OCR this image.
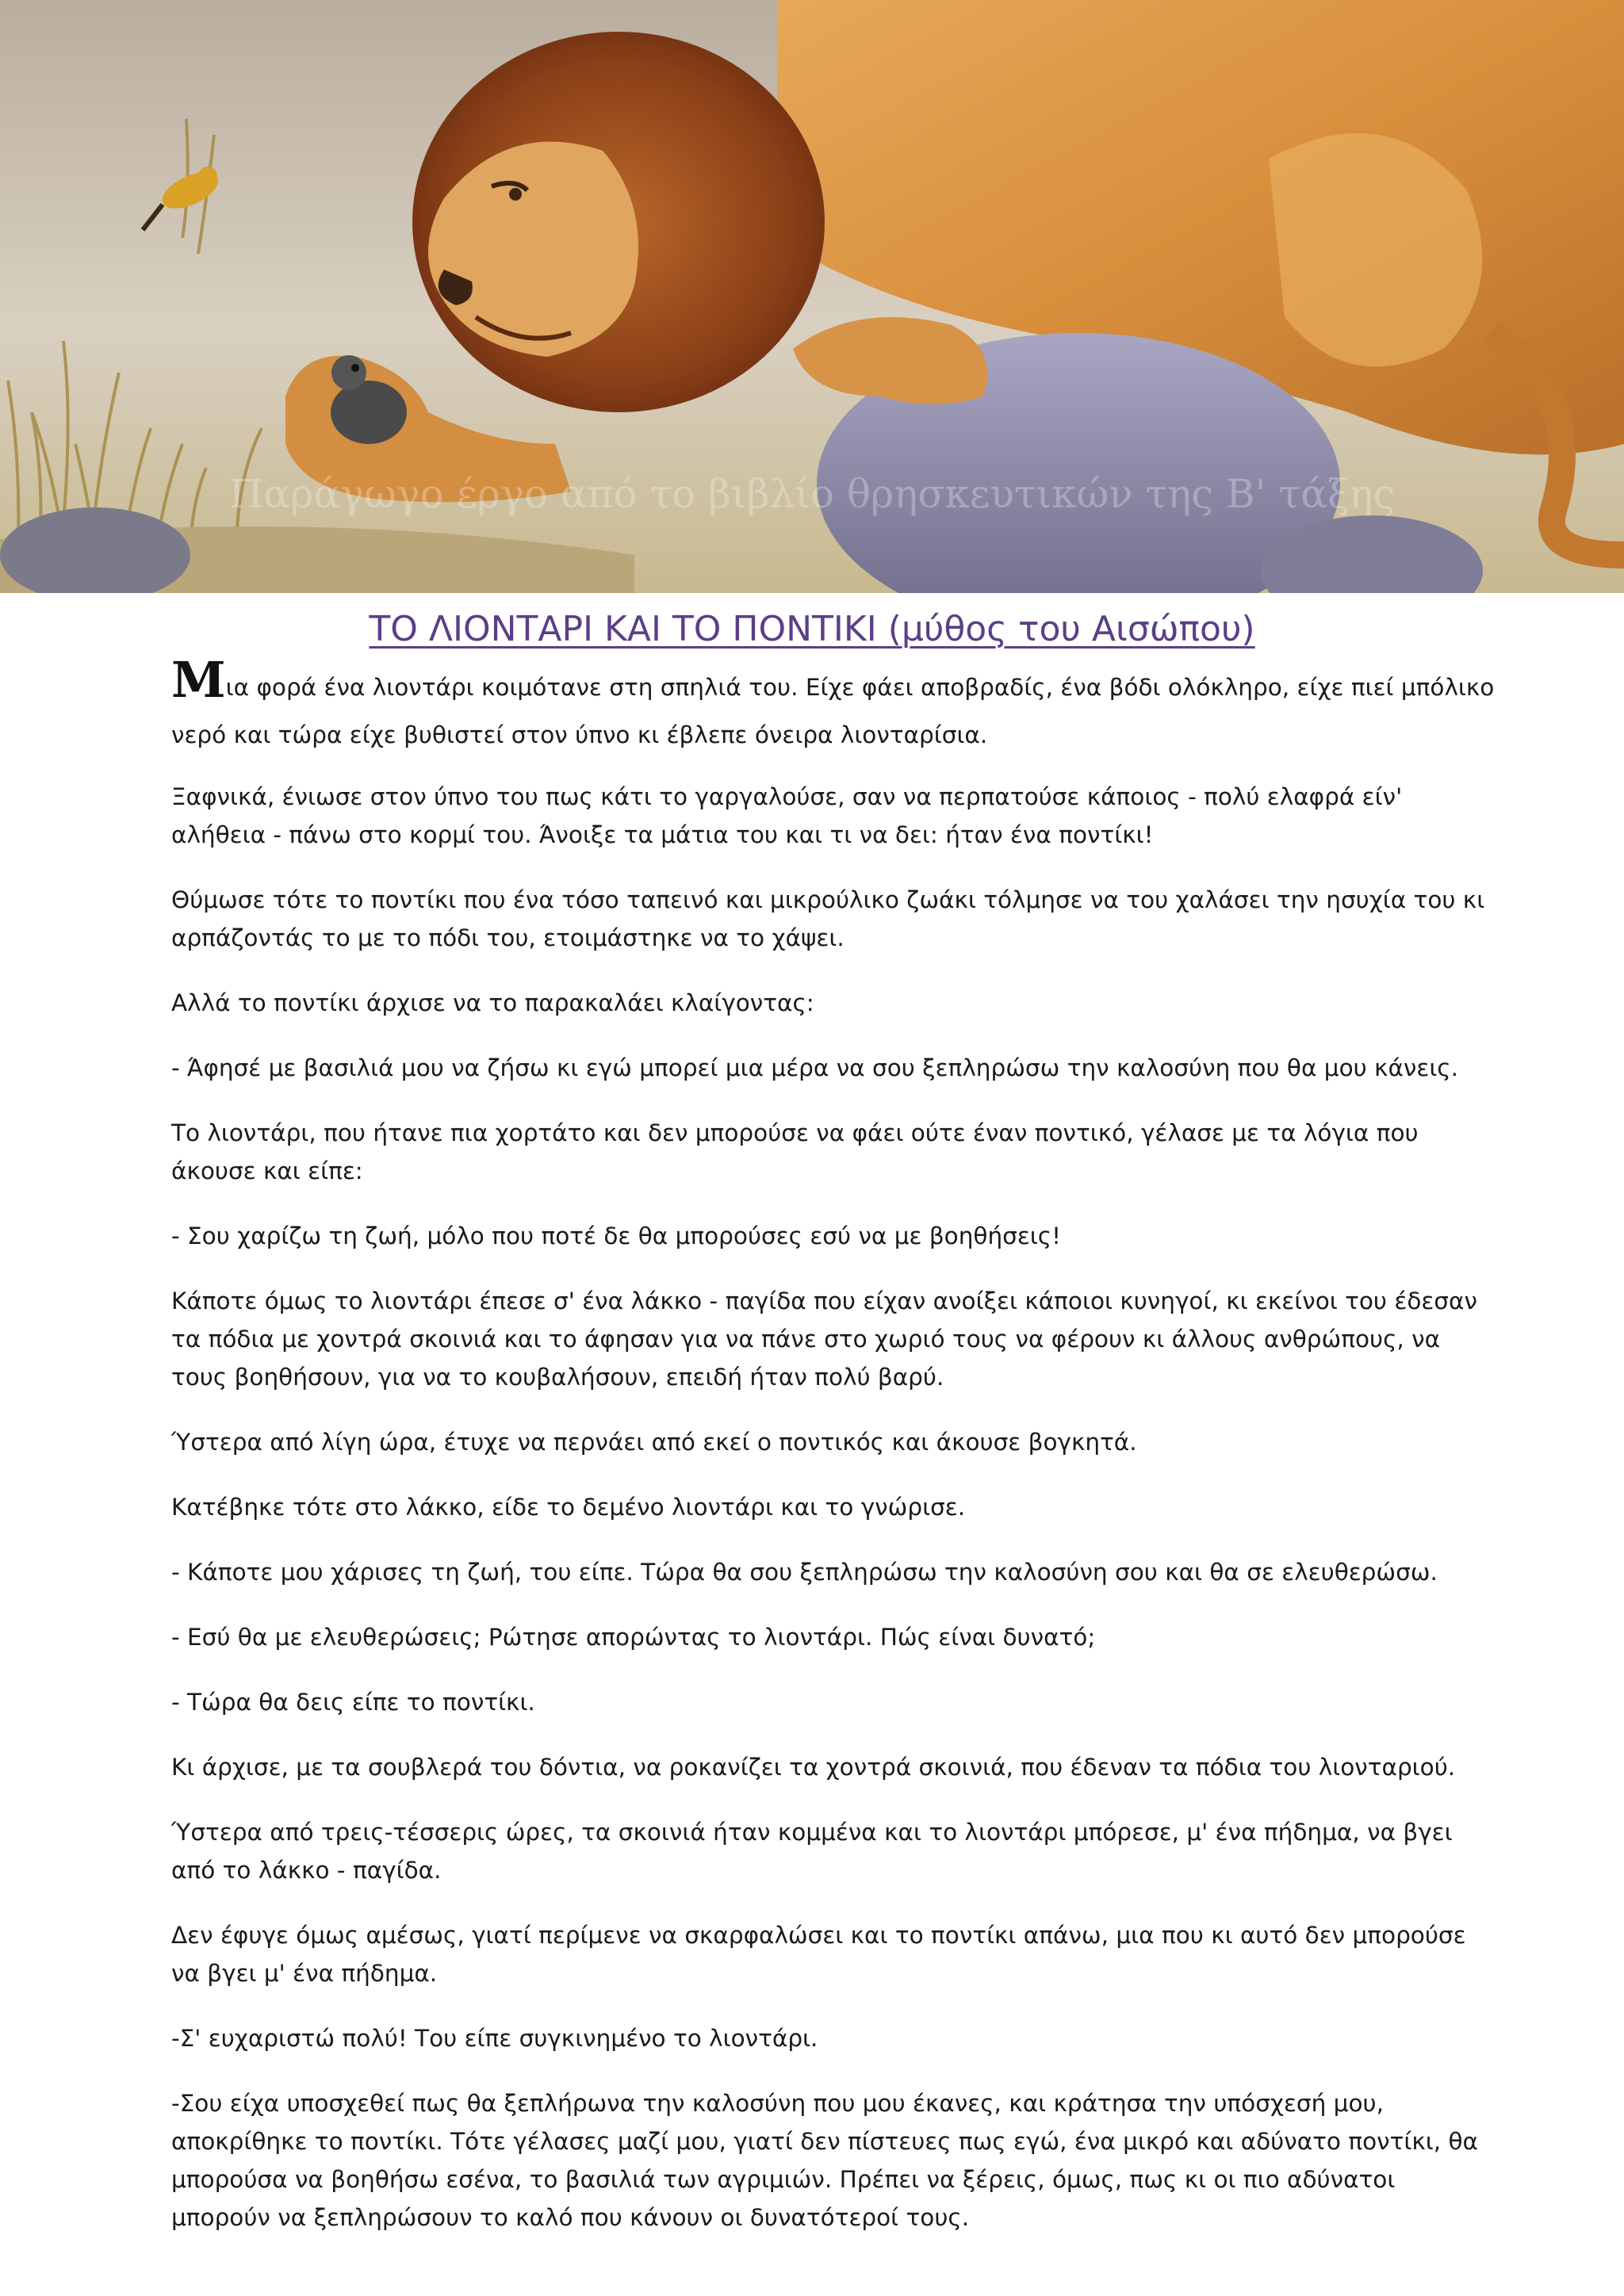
Παράγωγο έργο από το βιβλίο θρησκευτικών της Β' τάξης
ΤΟ ΛΙΟΝΤΑΡΙ ΚΑΙ ΤΟ ΠΟΝΤΙΚΙ (μύθος του Αισώπου)

Μια φορά ένα λιοντάρι κοιμότανε στη σπηλιά του. Είχε φάει αποβραδίς, ένα βόδι ολόκληρο, είχε πιεί μπόλικο νερό και τώρα είχε βυθιστεί στον ύπνο κι έβλεπε όνειρα λιονταρίσια.

Ξαφνικά, ένιωσε στον ύπνο του πως κάτι το γαργαλούσε, σαν να περπατούσε κάποιος - πολύ ελαφρά είν' αλήθεια - πάνω στο κορμί του. Άνοιξε τα μάτια του και τι να δει: ήταν ένα ποντίκι!

Θύμωσε τότε το ποντίκι που ένα τόσο ταπεινό και μικρούλικο ζωάκι τόλμησε να του χαλάσει την ησυχία του κι αρπάζοντάς το με το πόδι του, ετοιμάστηκε να το χάψει.

Αλλά το ποντίκι άρχισε να το παρακαλάει κλαίγοντας:

- Άφησέ με βασιλιά μου να ζήσω κι εγώ μπορεί μια μέρα να σου ξεπληρώσω την καλοσύνη που θα μου κάνεις.

Το λιοντάρι, που ήτανε πια χορτάτο και δεν μπορούσε να φάει ούτε έναν ποντικό, γέλασε με τα λόγια που άκουσε και είπε:

- Σου χαρίζω τη ζωή, μόλο που ποτέ δε θα μπορούσες εσύ να με βοηθήσεις!

Κάποτε όμως το λιοντάρι έπεσε σ' ένα λάκκο - παγίδα που είχαν ανοίξει κάποιοι κυνηγοί, κι εκείνοι του έδεσαν τα πόδια με χοντρά σκοινιά και το άφησαν για να πάνε στο χωριό τους να φέρουν κι άλλους ανθρώπους, να τους βοηθήσουν, για να το κουβαλήσουν, επειδή ήταν πολύ βαρύ.

Ύστερα από λίγη ώρα, έτυχε να περνάει από εκεί ο ποντικός και άκουσε βογκητά.

Κατέβηκε τότε στο λάκκο, είδε το δεμένο λιοντάρι και το γνώρισε.

- Κάποτε μου χάρισες τη ζωή, του είπε. Τώρα θα σου ξεπληρώσω την καλοσύνη σου και θα σε ελευθερώσω.

- Εσύ θα με ελευθερώσεις; Ρώτησε απορώντας το λιοντάρι. Πώς είναι δυνατό;

- Τώρα θα δεις είπε το ποντίκι.

Κι άρχισε, με τα σουβλερά του δόντια, να ροκανίζει τα χοντρά σκοινιά, που έδεναν τα πόδια του λιονταριού.

Ύστερα από τρεις-τέσσερις ώρες, τα σκοινιά ήταν κομμένα και το λιοντάρι μπόρεσε, μ' ένα πήδημα, να βγει από το λάκκο - παγίδα.

Δεν έφυγε όμως αμέσως, γιατί περίμενε να σκαρφαλώσει και το ποντίκι απάνω, μια που κι αυτό δεν μπορούσε να βγει μ' ένα πήδημα.

-Σ' ευχαριστώ πολύ! Του είπε συγκινημένο το λιοντάρι.

-Σου είχα υποσχεθεί πως θα ξεπλήρωνα την καλοσύνη που μου έκανες, και κράτησα την υπόσχεσή μου, αποκρίθηκε το ποντίκι. Τότε γέλασες μαζί μου, γιατί δεν πίστευες πως εγώ, ένα μικρό και αδύνατο ποντίκι, θα μπορούσα να βοηθήσω εσένα, το βασιλιά των αγριμιών. Πρέπει να ξέρεις, όμως, πως κι οι πιο αδύνατοι μπορούν να ξεπληρώσουν το καλό που κάνουν οι δυνατότεροί τους.
